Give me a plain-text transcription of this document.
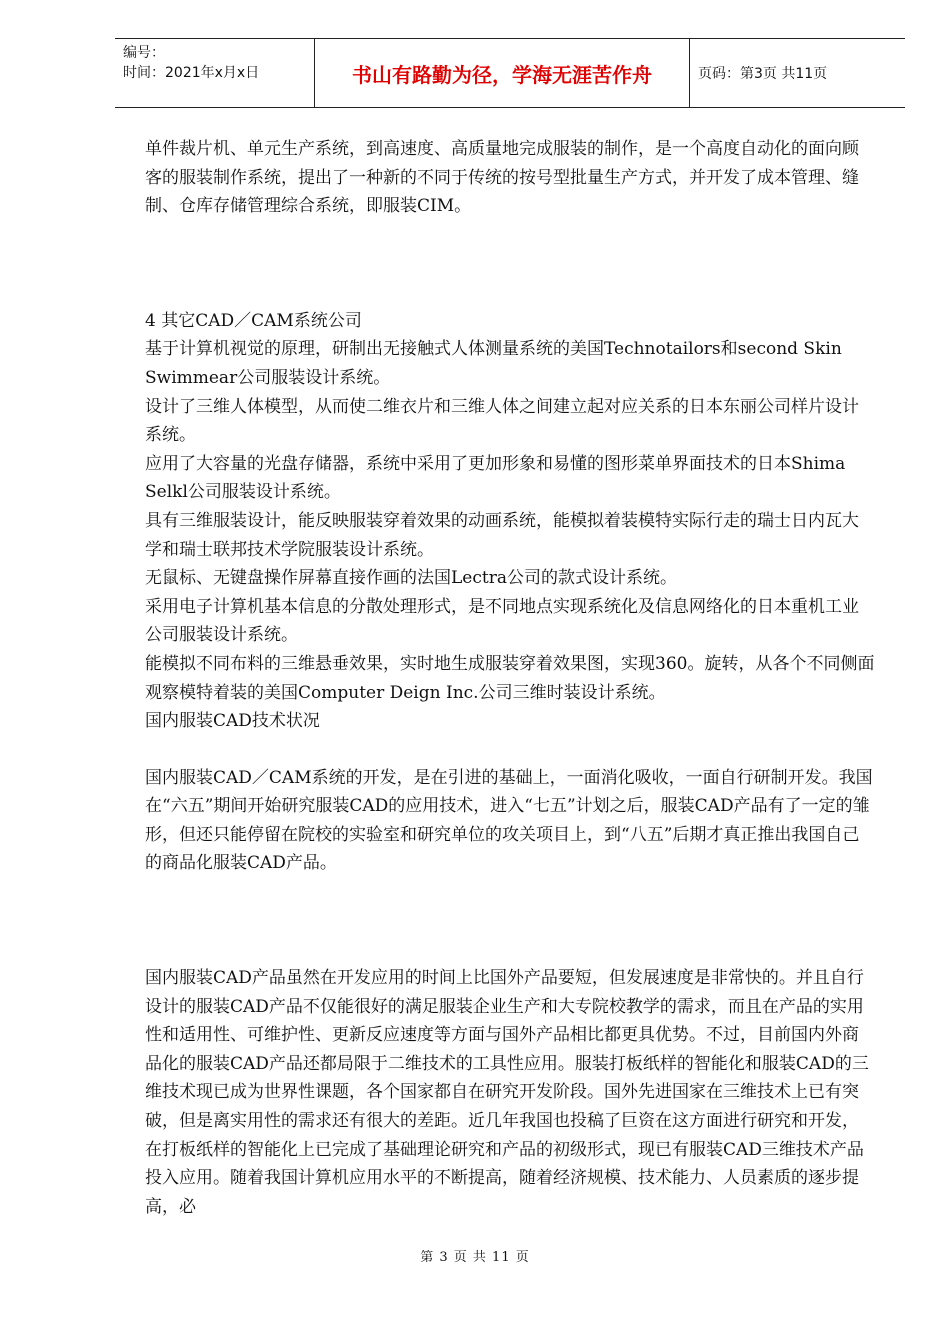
编号：
时间：2021年x月x日	书山有路勤为径，学海无涯苦作舟	页码：第3页 共11页

单件裁片机、单元生产系统，到高速度、高质量地完成服装的制作，是一个高度自动化的面向顾客的服装制作系统，提出了一种新的不同于传统的按号型批量生产方式，并开发了成本管理、缝制、仓库存储管理综合系统，即服装CIM。

4 其它CAD／CAM系统公司

基于计算机视觉的原理，研制出无接触式人体测量系统的美国Technotailors和second Skin Swimmear公司服装设计系统。

设计了三维人体模型，从而使二维衣片和三维人体之间建立起对应关系的日本东丽公司样片设计系统。

应用了大容量的光盘存储器，系统中采用了更加形象和易懂的图形菜单界面技术的日本Shima Selkl公司服装设计系统。

具有三维服装设计，能反映服装穿着效果的动画系统，能模拟着装模特实际行走的瑞士日内瓦大学和瑞士联邦技术学院服装设计系统。

无鼠标、无键盘操作屏幕直接作画的法国Lectra公司的款式设计系统。

采用电子计算机基本信息的分散处理形式，是不同地点实现系统化及信息网络化的日本重机工业公司服装设计系统。

能模拟不同布料的三维悬垂效果，实时地生成服装穿着效果图，实现360。旋转，从各个不同侧面观察模特着装的美国Computer Deign Inc.公司三维时装设计系统。

国内服装CAD技术状况

国内服装CAD／CAM系统的开发，是在引进的基础上，一面消化吸收，一面自行研制开发。我国在“六五”期间开始研究服装CAD的应用技术，进入“七五”计划之后，服装CAD产品有了一定的雏形，但还只能停留在院校的实验室和研究单位的攻关项目上，到“八五”后期才真正推出我国自己的商品化服装CAD产品。

国内服装CAD产品虽然在开发应用的时间上比国外产品要短，但发展速度是非常快的。并且自行设计的服装CAD产品不仅能很好的满足服装企业生产和大专院校教学的需求，而且在产品的实用性和适用性、可维护性、更新反应速度等方面与国外产品相比都更具优势。不过，目前国内外商品化的服装CAD产品还都局限于二维技术的工具性应用。服装打板纸样的智能化和服装CAD的三维技术现已成为世界性课题，各个国家都自在研究开发阶段。国外先进国家在三维技术上已有突破，但是离实用性的需求还有很大的差距。近几年我国也投稿了巨资在这方面进行研究和开发，在打板纸样的智能化上已完成了基础理论研究和产品的初级形式，现已有服装CAD三维技术产品投入应用。随着我国计算机应用水平的不断提高，随着经济规模、技术能力、人员素质的逐步提高，必

第 3 页 共 11 页
